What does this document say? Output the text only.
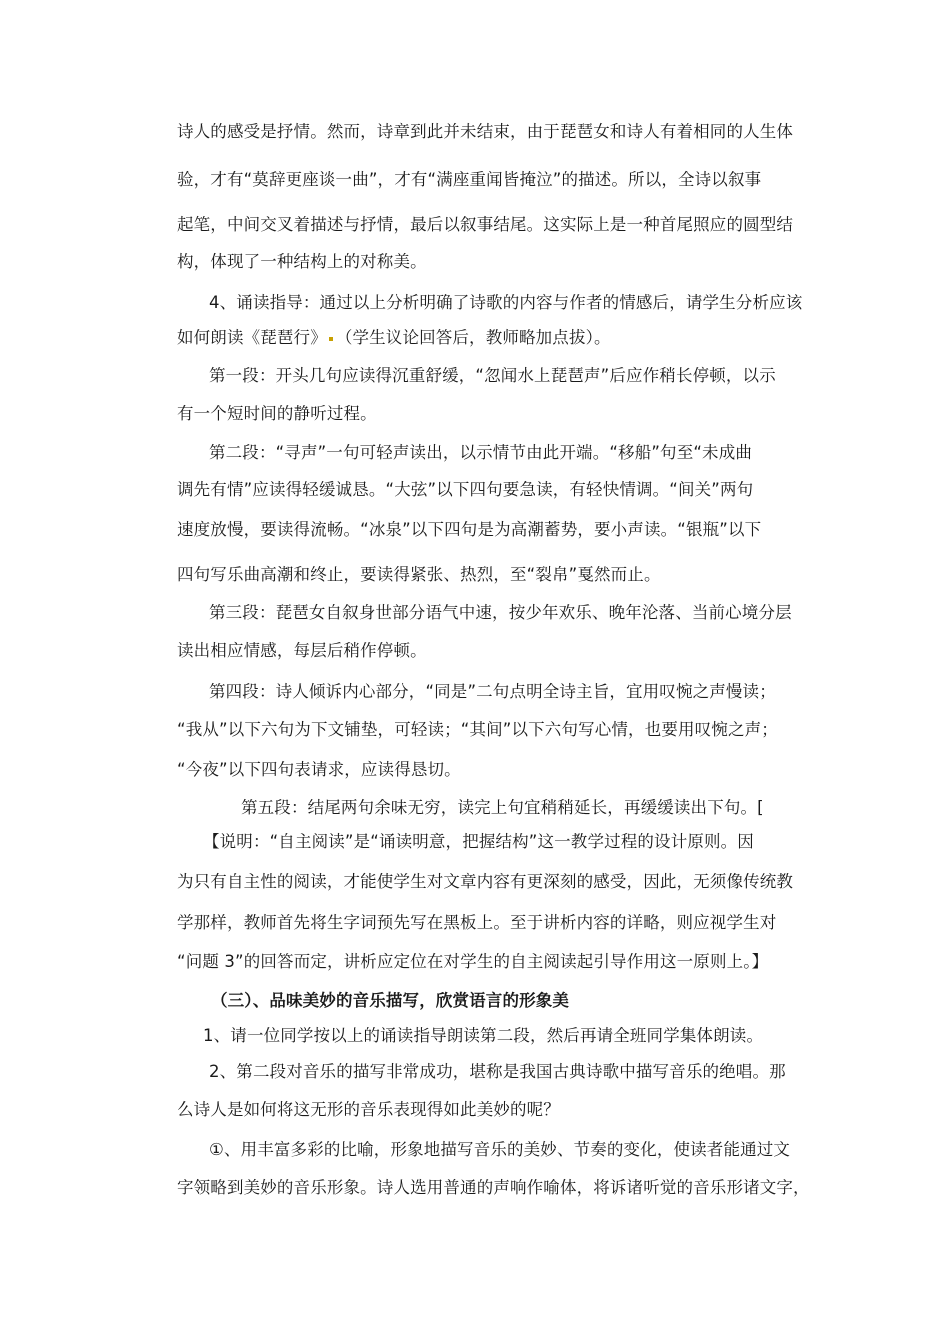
诗人的感受是抒情。然而，诗章到此并未结束，由于琵琶女和诗人有着相同的人生体
验，才有“莫辞更座谈一曲”，才有“满座重闻皆掩泣”的描述。所以，全诗以叙事
起笔，中间交叉着描述与抒情，最后以叙事结尾。这实际上是一种首尾照应的圆型结
构，体现了一种结构上的对称美。
4、诵读指导：通过以上分析明确了诗歌的内容与作者的情感后，请学生分析应该
如何朗读《琵琶行》 （学生议论回答后，教师略加点拔）。
第一段：开头几句应读得沉重舒缓，“忽闻水上琵琶声”后应作稍长停顿，以示
有一个短时间的静听过程。
第二段：“寻声”一句可轻声读出，以示情节由此开端。“移船”句至“未成曲
调先有情”应读得轻缓诚恳。“大弦”以下四句要急读，有轻快情调。“间关”两句
速度放慢，要读得流畅。“冰泉”以下四句是为高潮蓄势，要小声读。“银瓶”以下
四句写乐曲高潮和终止，要读得紧张、热烈，至“裂帛”戛然而止。
第三段：琵琶女自叙身世部分语气中速，按少年欢乐、晚年沦落、当前心境分层
读出相应情感，每层后稍作停顿。
第四段：诗人倾诉内心部分，“同是”二句点明全诗主旨，宜用叹惋之声慢读；
“我从”以下六句为下文铺垫，可轻读；“其间”以下六句写心情，也要用叹惋之声；
“今夜”以下四句表请求，应读得恳切。
第五段：结尾两句余味无穷，读完上句宜稍稍延长，再缓缓读出下句。[
【说明：“自主阅读”是“诵读明意，把握结构”这一教学过程的设计原则。因
为只有自主性的阅读，才能使学生对文章内容有更深刻的感受，因此，无须像传统教
学那样，教师首先将生字词预先写在黑板上。至于讲析内容的详略，则应视学生对
“问题 3”的回答而定，讲析应定位在对学生的自主阅读起引导作用这一原则上。】
（三）、品味美妙的音乐描写，欣赏语言的形象美
1、请一位同学按以上的诵读指导朗读第二段，然后再请全班同学集体朗读。
2、第二段对音乐的描写非常成功，堪称是我国古典诗歌中描写音乐的绝唱。那
么诗人是如何将这无形的音乐表现得如此美妙的呢？
①、用丰富多彩的比喻，形象地描写音乐的美妙、节奏的变化，使读者能通过文
字领略到美妙的音乐形象。诗人选用普通的声响作喻体，将诉诸听觉的音乐形诸文字，
